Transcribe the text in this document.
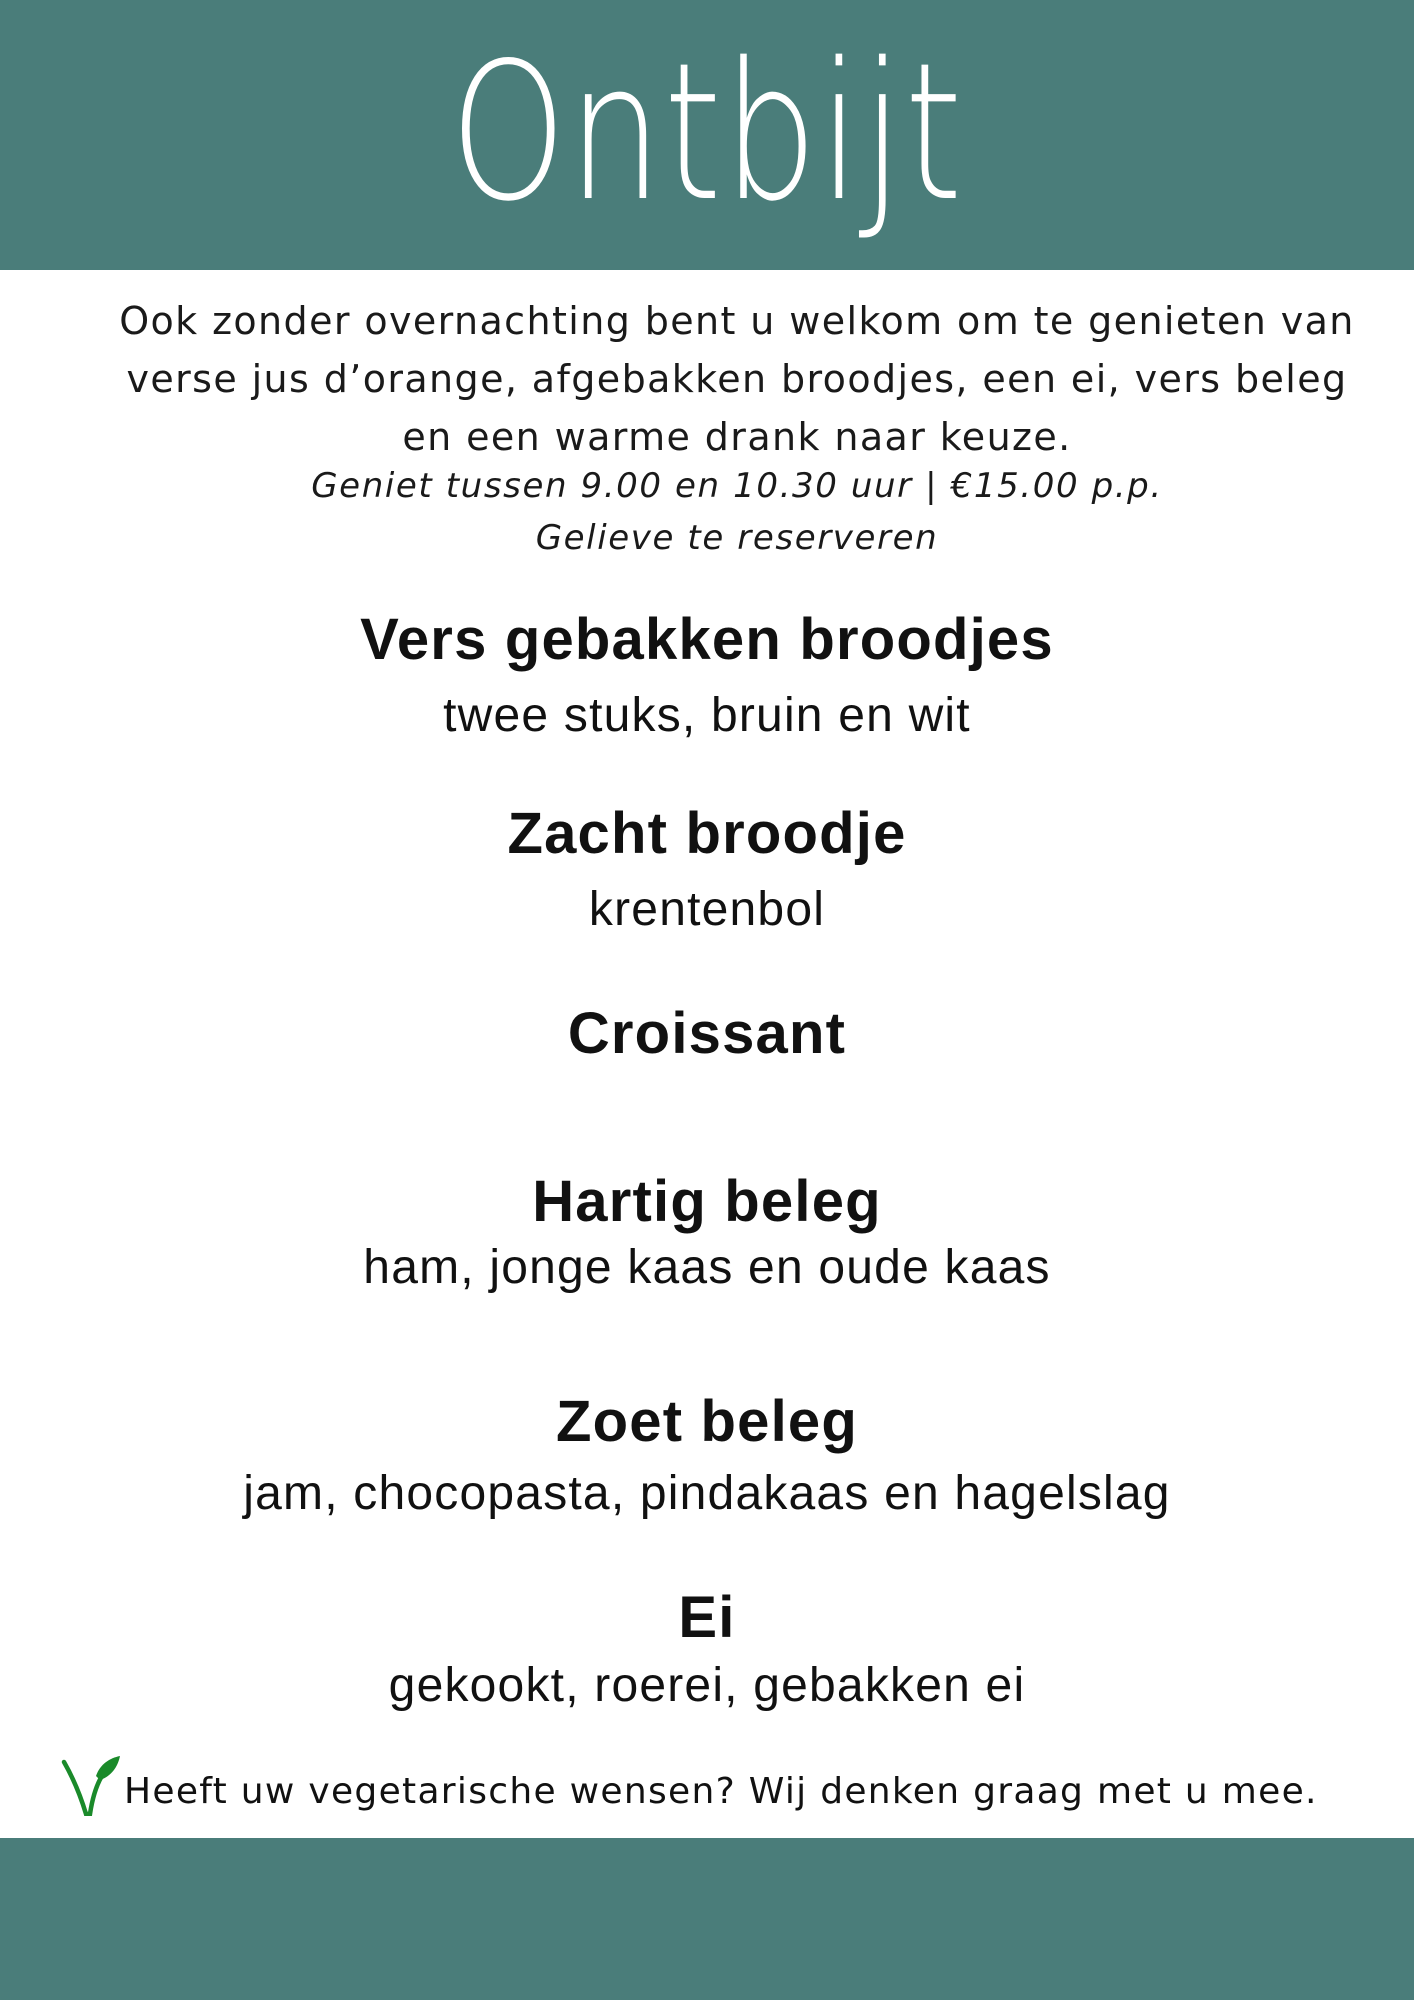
Ontbijt
Ook zonder overnachting bent u welkom om te genieten van verse jus d’orange, afgebakken broodjes, een ei, vers beleg en een warme drank naar keuze.
Geniet tussen 9.00 en 10.30 uur | €15.00 p.p.
Gelieve te reserveren
Vers gebakken broodjes
twee stuks, bruin en wit
Zacht broodje
krentenbol
Croissant
Hartig beleg
ham, jonge kaas en oude kaas
Zoet beleg
jam, chocopasta, pindakaas en hagelslag
Ei
gekookt, roerei, gebakken ei
Heeft uw vegetarische wensen? Wij denken graag met u mee.
